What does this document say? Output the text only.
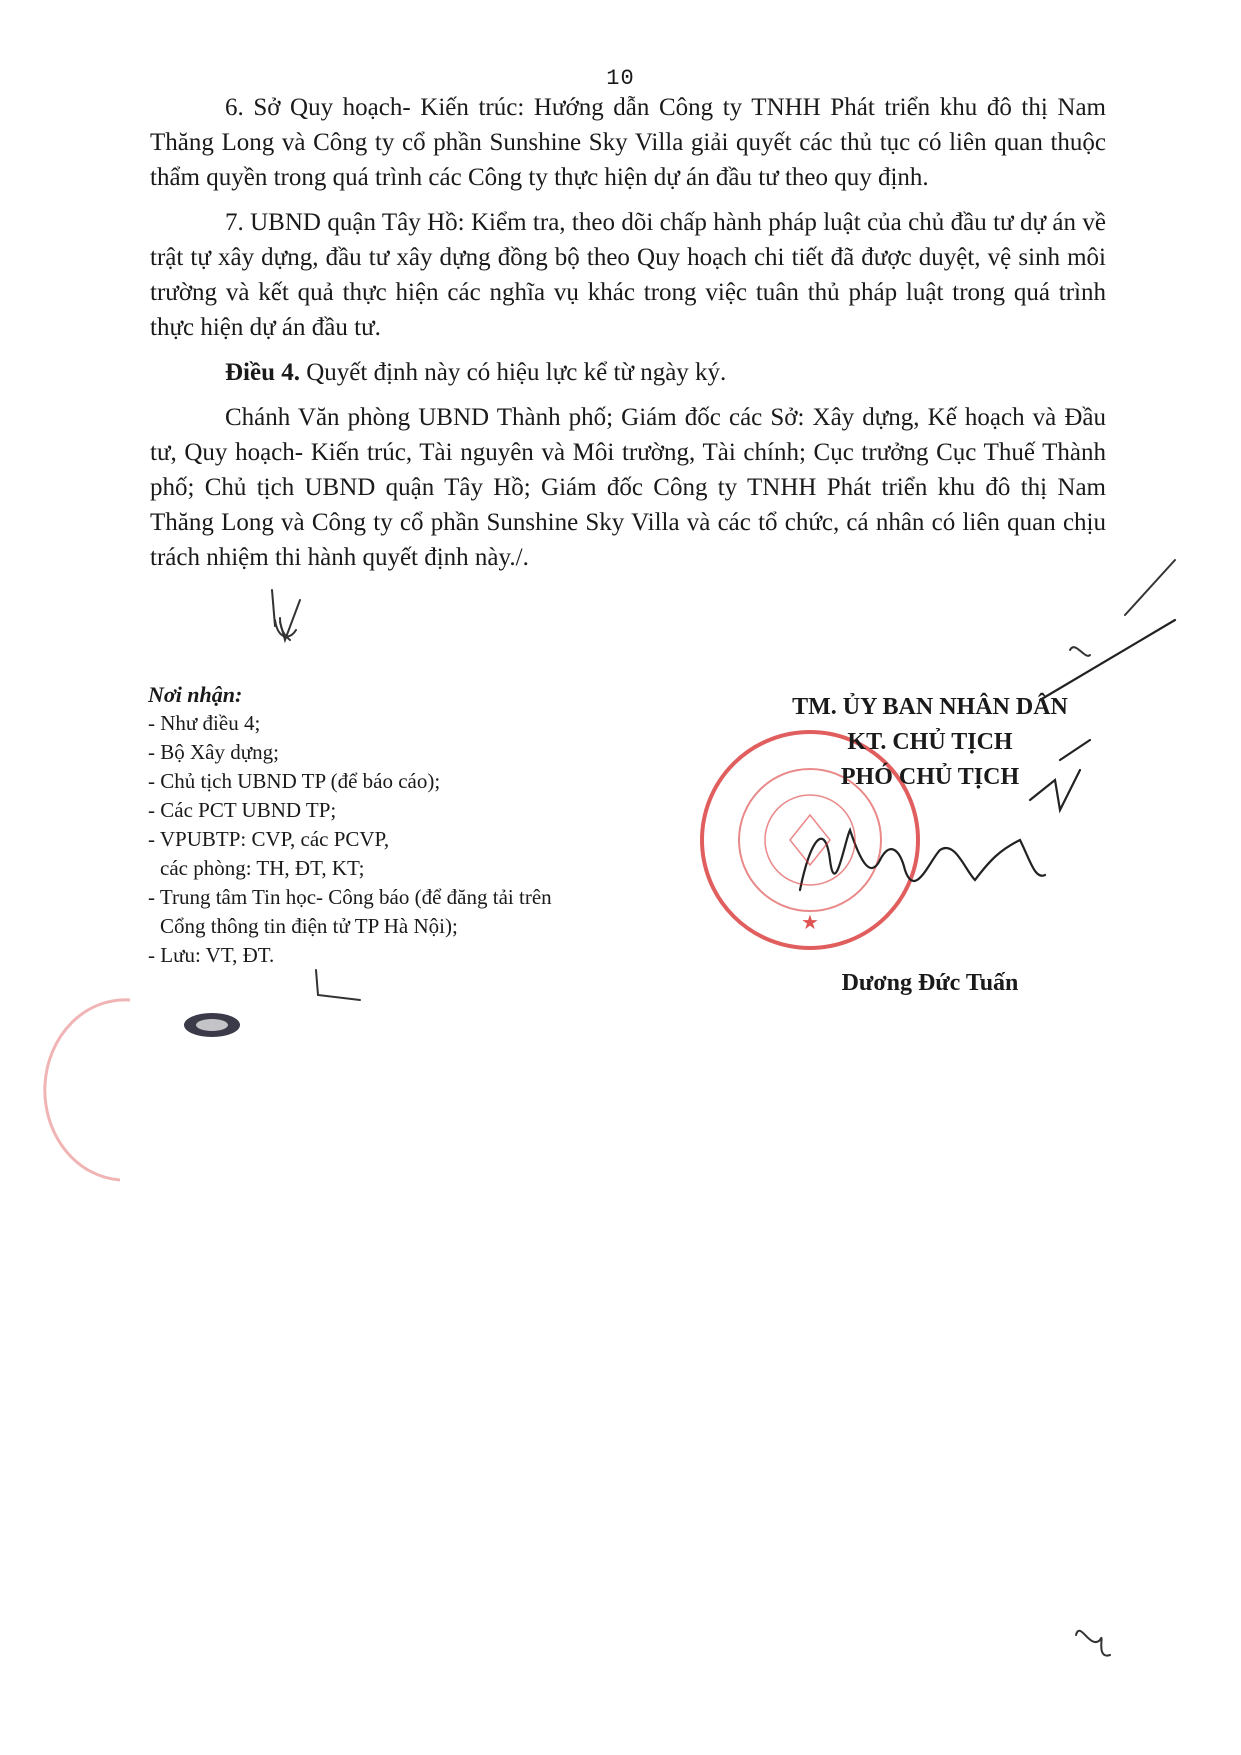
10

6. Sở Quy hoạch- Kiến trúc: Hướng dẫn Công ty TNHH Phát triển khu đô thị Nam Thăng Long và Công ty cổ phần Sunshine Sky Villa giải quyết các thủ tục có liên quan thuộc thẩm quyền trong quá trình các Công ty thực hiện dự án đầu tư theo quy định.

7. UBND quận Tây Hồ: Kiểm tra, theo dõi chấp hành pháp luật của chủ đầu tư dự án về trật tự xây dựng, đầu tư xây dựng đồng bộ theo Quy hoạch chi tiết đã được duyệt, vệ sinh môi trường và kết quả thực hiện các nghĩa vụ khác trong việc tuân thủ pháp luật trong quá trình thực hiện dự án đầu tư.

Điều 4. Quyết định này có hiệu lực kể từ ngày ký.

Chánh Văn phòng UBND Thành phố; Giám đốc các Sở: Xây dựng, Kế hoạch và Đầu tư, Quy hoạch- Kiến trúc, Tài nguyên và Môi trường, Tài chính; Cục trưởng Cục Thuế Thành phố; Chủ tịch UBND quận Tây Hồ; Giám đốc Công ty TNHH Phát triển khu đô thị Nam Thăng Long và Công ty cổ phần Sunshine Sky Villa và các tổ chức, cá nhân có liên quan chịu trách nhiệm thi hành quyết định này./.

Nơi nhận:
- Như điều 4;
- Bộ Xây dựng;
- Chủ tịch UBND TP (để báo cáo);
- Các PCT UBND TP;
- VPUBTP: CVP, các PCVP,
các phòng: TH, ĐT, KT;
- Trung tâm Tin học- Công báo (để đăng tải trên
Cổng thông tin điện tử TP Hà Nội);
- Lưu: VT, ĐT.
★
TM. ỦY BAN NHÂN DÂN
KT. CHỦ TỊCH
PHÓ CHỦ TỊCH
Dương Đức Tuấn
